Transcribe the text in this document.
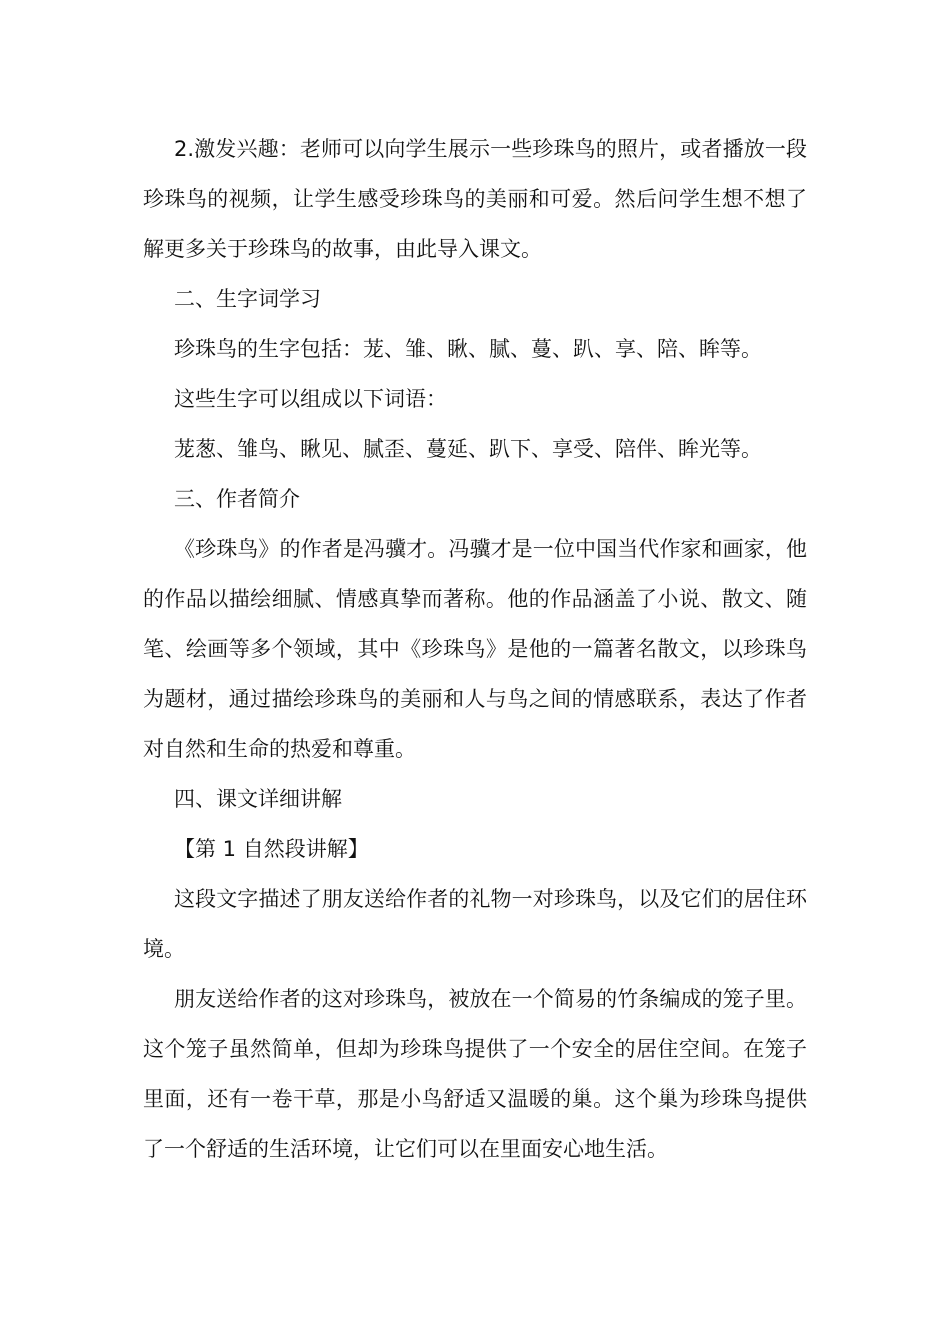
2.激发兴趣：老师可以向学生展示一些珍珠鸟的照片，或者播放一段珍珠鸟的视频，让学生感受珍珠鸟的美丽和可爱。然后问学生想不想了解更多关于珍珠鸟的故事，由此导入课文。

二、生字词学习

珍珠鸟的生字包括：茏、雏、瞅、腻、蔓、趴、享、陪、眸等。

这些生字可以组成以下词语：

茏葱、雏鸟、瞅见、腻歪、蔓延、趴下、享受、陪伴、眸光等。

三、作者简介

《珍珠鸟》的作者是冯骥才。冯骥才是一位中国当代作家和画家，他的作品以描绘细腻、情感真挚而著称。他的作品涵盖了小说、散文、随笔、绘画等多个领域，其中《珍珠鸟》是他的一篇著名散文，以珍珠鸟为题材，通过描绘珍珠鸟的美丽和人与鸟之间的情感联系，表达了作者对自然和生命的热爱和尊重。

四、课文详细讲解

【第 1 自然段讲解】

这段文字描述了朋友送给作者的礼物一对珍珠鸟，以及它们的居住环境。

朋友送给作者的这对珍珠鸟，被放在一个简易的竹条编成的笼子里。这个笼子虽然简单，但却为珍珠鸟提供了一个安全的居住空间。在笼子里面，还有一卷干草，那是小鸟舒适又温暖的巢。这个巢为珍珠鸟提供了一个舒适的生活环境，让它们可以在里面安心地生活。
